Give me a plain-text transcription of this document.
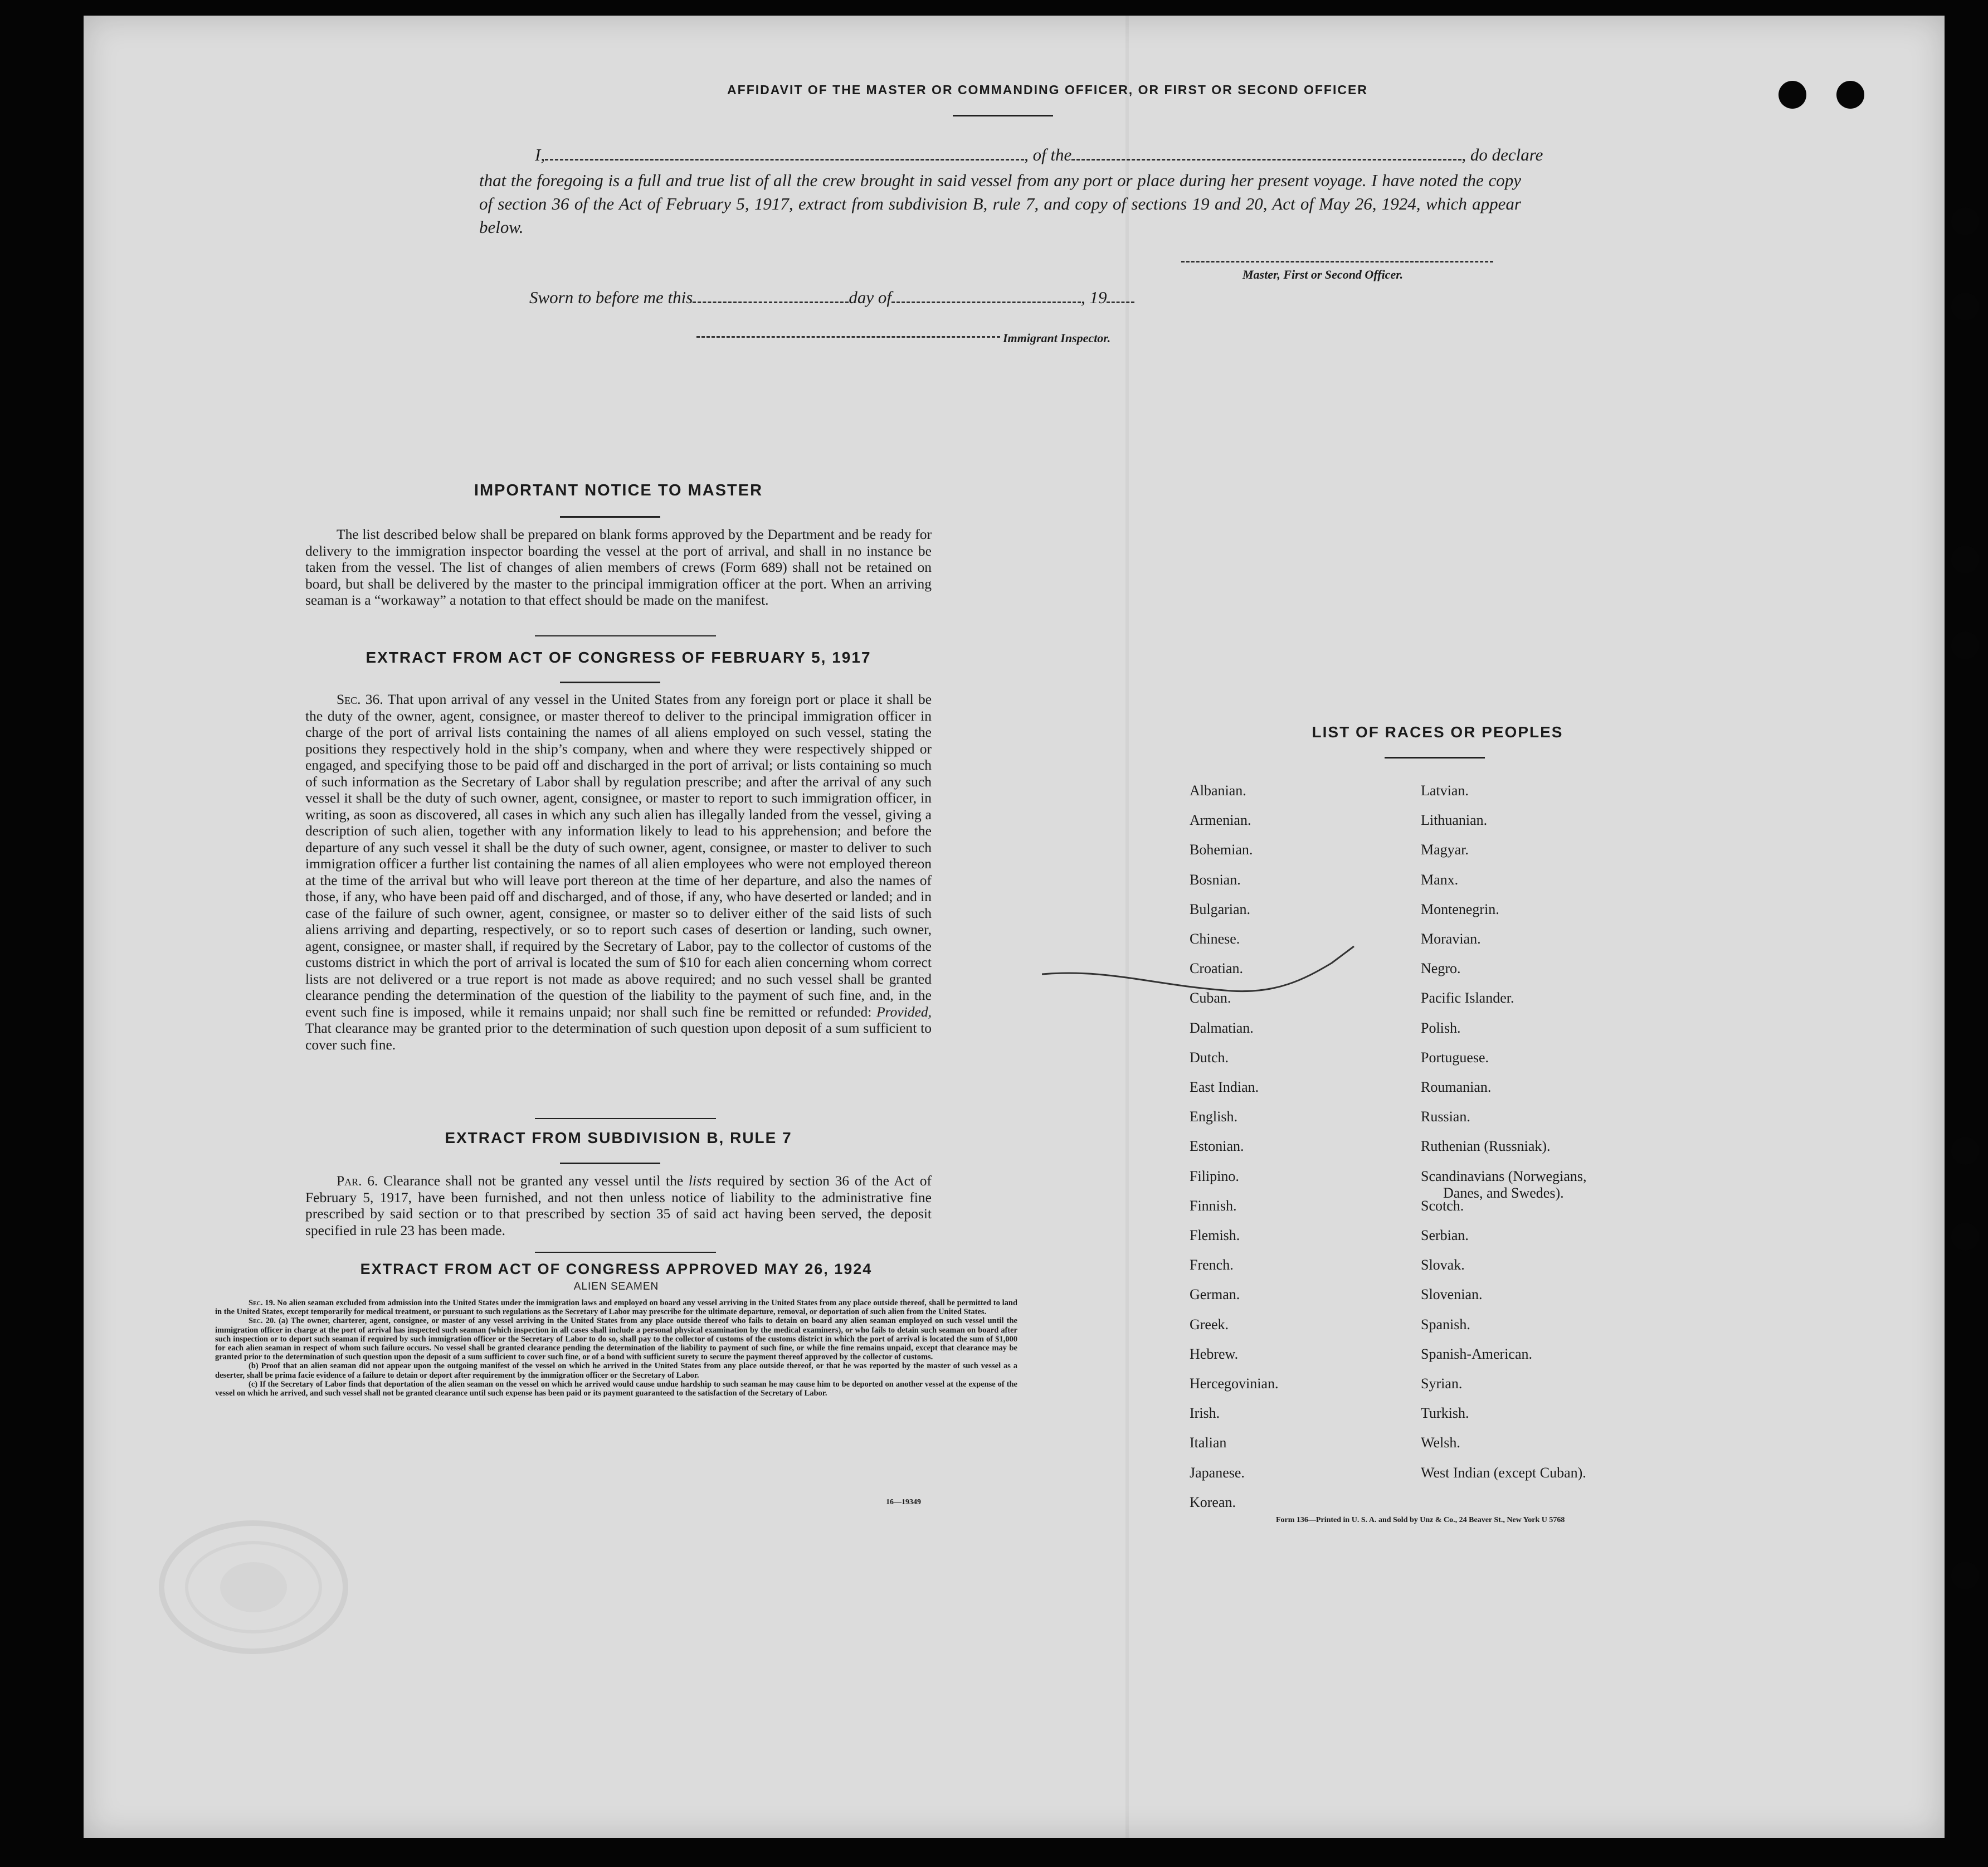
AFFIDAVIT OF THE MASTER OR COMMANDING OFFICER, OR FIRST OR SECOND OFFICER
I,	, of the	, do declare
that the foregoing is a full and true list of all the crew brought in said vessel from any port or place during her present voyage. I have noted the copy of section 36 of the Act of February 5, 1917, extract from subdivision B, rule 7, and copy of sections 19 and 20, Act of May 26, 1924, which appear below.
Master, First or Second Officer.
Sworn to before me this	day of	, 19
Immigrant Inspector.
IMPORTANT NOTICE TO MASTER
The list described below shall be prepared on blank forms approved by the Department and be ready for delivery to the immigration inspector boarding the vessel at the port of arrival, and shall in no instance be taken from the vessel. The list of changes of alien members of crews (Form 689) shall not be retained on board, but shall be delivered by the master to the principal immigration officer at the port. When an arriving seaman is a “workaway” a notation to that effect should be made on the manifest.
EXTRACT FROM ACT OF CONGRESS OF FEBRUARY 5, 1917
Sec. 36. That upon arrival of any vessel in the United States from any foreign port or place it shall be the duty of the owner, agent, consignee, or master thereof to deliver to the principal immigration officer in charge of the port of arrival lists containing the names of all aliens employed on such vessel, stating the positions they respectively hold in the ship’s company, when and where they were respectively shipped or engaged, and specifying those to be paid off and discharged in the port of arrival; or lists containing so much of such information as the Secretary of Labor shall by regulation prescribe; and after the arrival of any such vessel it shall be the duty of such owner, agent, consignee, or master to report to such immigration officer, in writing, as soon as discovered, all cases in which any such alien has illegally landed from the vessel, giving a description of such alien, together with any information likely to lead to his apprehension; and before the departure of any such vessel it shall be the duty of such owner, agent, consignee, or master to deliver to such immigration officer a further list containing the names of all alien employees who were not employed thereon at the time of the arrival but who will leave port thereon at the time of her departure, and also the names of those, if any, who have been paid off and discharged, and of those, if any, who have deserted or landed; and in case of the failure of such owner, agent, consignee, or master so to deliver either of the said lists of such aliens arriving and departing, respectively, or so to report such cases of desertion or landing, such owner, agent, consignee, or master shall, if required by the Secretary of Labor, pay to the collector of customs of the customs district in which the port of arrival is located the sum of $10 for each alien concerning whom correct lists are not delivered or a true report is not made as above required; and no such vessel shall be granted clearance pending the determination of the question of the liability to the payment of such fine, and, in the event such fine is imposed, while it remains unpaid; nor shall such fine be remitted or refunded: Provided, That clearance may be granted prior to the determination of such question upon deposit of a sum sufficient to cover such fine.
EXTRACT FROM SUBDIVISION B, RULE 7
Par. 6. Clearance shall not be granted any vessel until the lists required by section 36 of the Act of February 5, 1917, have been furnished, and not then unless notice of liability to the administrative fine prescribed by said section or to that prescribed by section 35 of said act having been served, the deposit specified in rule 23 has been made.
EXTRACT FROM ACT OF CONGRESS APPROVED MAY 26, 1924
ALIEN SEAMEN
Sec. 19. No alien seaman excluded from admission into the United States under the immigration laws and employed on board any vessel arriving in the United States from any place outside thereof, shall be permitted to land in the United States, except temporarily for medical treatment, or pursuant to such regulations as the Secretary of Labor may prescribe for the ultimate departure, removal, or deportation of such alien from the United States.
Sec. 20. (a) The owner, charterer, agent, consignee, or master of any vessel arriving in the United States from any place outside thereof who fails to detain on board any alien seaman employed on such vessel until the immigration officer in charge at the port of arrival has inspected such seaman (which inspection in all cases shall include a personal physical examination by the medical examiners), or who fails to detain such seaman on board after such inspection or to deport such seaman if required by such immigration officer or the Secretary of Labor to do so, shall pay to the collector of customs of the customs district in which the port of arrival is located the sum of $1,000 for each alien seaman in respect of whom such failure occurs. No vessel shall be granted clearance pending the determination of the liability to payment of such fine, or while the fine remains unpaid, except that clearance may be granted prior to the determination of such question upon the deposit of a sum sufficient to cover such fine, or of a bond with sufficient surety to secure the payment thereof approved by the collector of customs.
(b) Proof that an alien seaman did not appear upon the outgoing manifest of the vessel on which he arrived in the United States from any place outside thereof, or that he was reported by the master of such vessel as a deserter, shall be prima facie evidence of a failure to detain or deport after requirement by the immigration officer or the Secretary of Labor.
(c) If the Secretary of Labor finds that deportation of the alien seaman on the vessel on which he arrived would cause undue hardship to such seaman he may cause him to be deported on another vessel at the expense of the vessel on which he arrived, and such vessel shall not be granted clearance until such expense has been paid or its payment guaranteed to the satisfaction of the Secretary of Labor.
16—19349
LIST OF RACES OR PEOPLES
Form 136—Printed in U. S. A. and Sold by Unz & Co., 24 Beaver St., New York U 5768
Albanian.
Armenian.
Bohemian.
Bosnian.
Bulgarian.
Chinese.
Croatian.
Cuban.
Dalmatian.
Dutch.
East Indian.
English.
Estonian.
Filipino.
Finnish.
Flemish.
French.
German.
Greek.
Hebrew.
Hercegovinian.
Irish.
Italian
Japanese.
Korean.
Latvian.
Lithuanian.
Magyar.
Manx.
Montenegrin.
Moravian.
Negro.
Pacific Islander.
Polish.
Portuguese.
Roumanian.
Russian.
Ruthenian (Russniak).
Scandinavians (Norwegians,
Danes, and Swedes).
Scotch.
Serbian.
Slovak.
Slovenian.
Spanish.
Spanish-American.
Syrian.
Turkish.
Welsh.
West Indian (except Cuban).
